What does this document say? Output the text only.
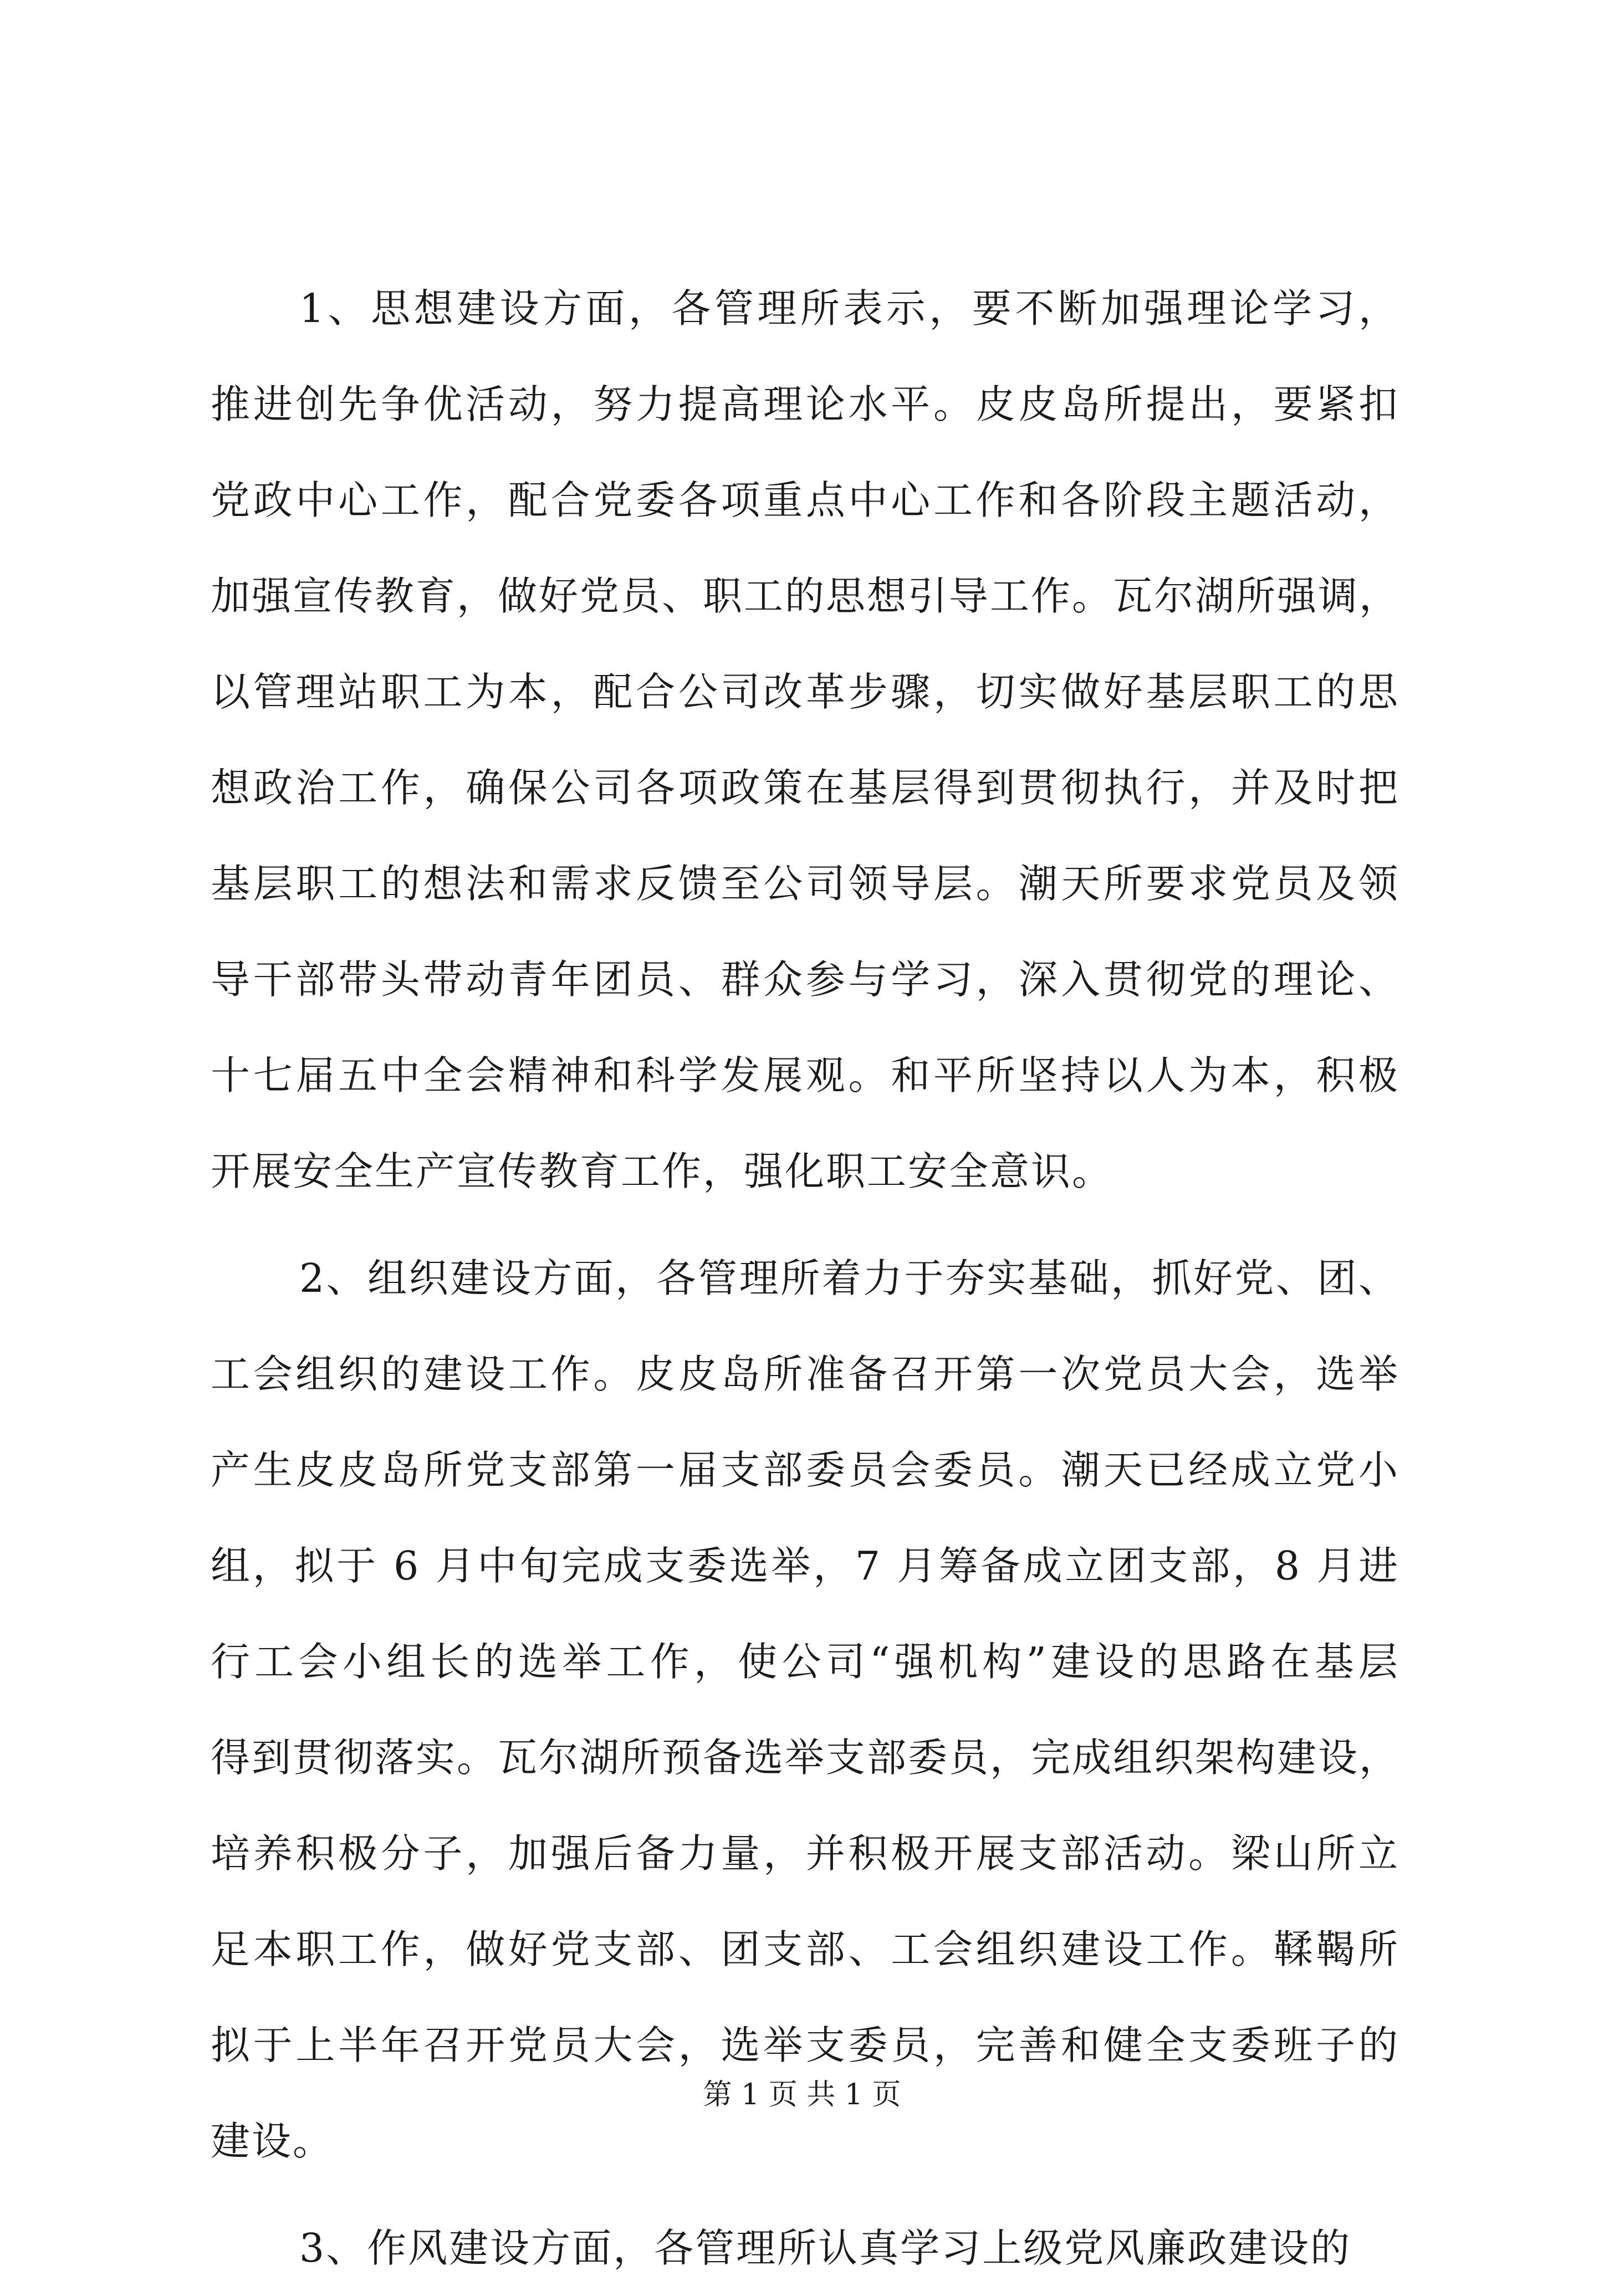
1、思想建设方面，各管理所表示，要不断加强理论学习，
推进创先争优活动，努力提高理论水平。皮皮岛所提出，要紧扣
党政中心工作，配合党委各项重点中心工作和各阶段主题活动，
加强宣传教育，做好党员、职工的思想引导工作。瓦尔湖所强调，
以管理站职工为本，配合公司改革步骤，切实做好基层职工的思
想政治工作，确保公司各项政策在基层得到贯彻执行，并及时把
基层职工的想法和需求反馈至公司领导层。潮天所要求党员及领
导干部带头带动青年团员、群众参与学习，深入贯彻党的理论、
十七届五中全会精神和科学发展观。和平所坚持以人为本，积极
开展安全生产宣传教育工作，强化职工安全意识。
2、组织建设方面，各管理所着力于夯实基础，抓好党、团、
工会组织的建设工作。皮皮岛所准备召开第一次党员大会，选举
产生皮皮岛所党支部第一届支部委员会委员。潮天已经成立党小
组，拟于 6 月中旬完成支委选举，7 月筹备成立团支部，8 月进
行工会小组长的选举工作，使公司“强机构”建设的思路在基层
得到贯彻落实。瓦尔湖所预备选举支部委员，完成组织架构建设，
培养积极分子，加强后备力量，并积极开展支部活动。梁山所立
足本职工作，做好党支部、团支部、工会组织建设工作。鞣鞨所
拟于上半年召开党员大会，选举支委员，完善和健全支委班子的
建设。
3、作风建设方面，各管理所认真学习上级党风廉政建设的
第 1 页 共 1 页
